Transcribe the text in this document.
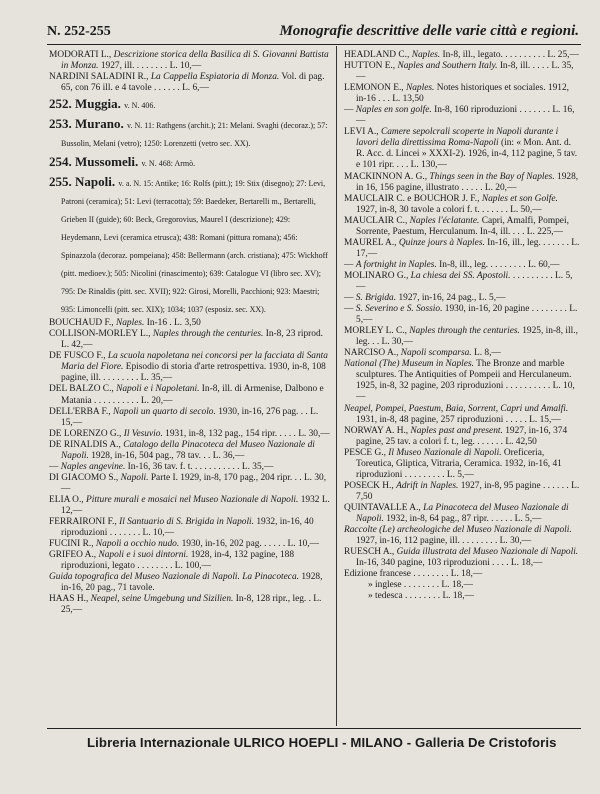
N. 252-255	Monografie descrittive delle varie città e regioni.

MODORATI L., Descrizione storica della Basilica di S. Giovanni Battista in Monza. 1927, ill. . . . . . . . L. 10,—

NARDINI SALADINI R., La Cappella Espiatoria di Monza. Vol. di pag. 65, con 76 ill. e 4 tavole . . . . . . L. 6,—

252. Muggia. v. N. 406.

253. Murano. v. N. 11: Rathgens (archit.); 21: Melani. Svaghi (decoraz.); 57: Bussolin, Melani (vetro); 1250: Lorenzetti (vetro sec. XX).

254. Mussomeli. v. N. 468: Armò.

255. Napoli. v. a. N. 15: Antike; 16: Rolfs (pitt.); 19: Stix (disegno); 27: Levi, Patroni (ceramica); 51: Levi (terracotta); 59: Baedeker, Bertarelli m., Bertarelli, Grieben II (guide); 60: Beck, Gregorovius, Maurel I (descrizione); 429: Heydemann, Levi (ceramica etrusca); 438: Romani (pittura romana); 456: Spinazzola (decoraz. pompeiana); 458: Bellermann (arch. cristiana); 475: Wickhoff (pitt. medioev.); 505: Nicolini (rinascimento); 639: Catalogue VI (libro sec. XV); 795: De Rinaldis (pitt. sec. XVII); 922: Girosi, Morelli, Pacchioni; 923: Maestri; 935: Limoncelli (pitt. sec. XIX); 1034; 1037 (esposiz. sec. XX).

BOUCHAUD F., Naples. In-16 . L. 3,50

COLLISON-MORLEY L., Naples through the centuries. In-8, 23 riprod. L. 42,—

DE FUSCO F., La scuola napoletana nei concorsi per la facciata di Santa Maria del Fiore. Episodio di storia d'arte retrospettiva. 1930, in-8, 108 pagine, ill. . . . . . . . . L. 35,—

DEL BALZO C., Napoli e i Napoletani. In-8, ill. di Armenise, Dalbono e Matania . . . . . . . . . . L. 20,—

DELL'ERBA F., Napoli un quarto di secolo. 1930, in-16, 276 pag. . . L. 15,—

DE LORENZO G., Il Vesuvio. 1931, in-8, 132 pag., 154 ripr. . . . . L. 30,—

DE RINALDIS A., Catalogo della Pinacoteca del Museo Nazionale di Napoli. 1928, in-16, 504 pag., 78 tav. . . L. 36,—

— Naples angevine. In-16, 36 tav. f. t. . . . . . . . . . . L. 35,—

DI GIACOMO S., Napoli. Parte I. 1929, in-8, 170 pag., 204 ripr. . . L. 30,—

ELIA O., Pitture murali e mosaici nel Museo Nazionale di Napoli. 1932 L. 12,—

FERRAIRONI F., Il Santuario di S. Brigida in Napoli. 1932, in-16, 40 riproduzioni . . . . . . . L. 10,—

FUCINI R., Napoli a occhio nudo. 1930, in-16, 202 pag. . . . . . L. 10,—

GRIFEO A., Napoli e i suoi dintorni. 1928, in-4, 132 pagine, 188 riproduzioni, legato . . . . . . . . L. 100,—

Guida topografica del Museo Nazionale di Napoli. La Pinacoteca. 1928, in-16, 20 pag., 71 tavole.

HAAS H., Neapel, seine Umgebung und Sizilien. In-8, 128 ripr., leg. . L. 25,—

HEADLAND C., Naples. In-8, ill., legato. . . . . . . . . . L. 25,—

HUTTON E., Naples and Southern Italy. In-8, ill. . . . . L. 35,—

LEMONON E., Naples. Notes historiques et sociales. 1912, in-16 . . . L. 13,50

— Naples en son golfe. In-8, 160 riproduzioni . . . . . . . L. 16,—

LEVI A., Camere sepolcrali scoperte in Napoli durante i lavori della direttissima Roma-Napoli (in: « Mon. Ant. d. R. Acc. d. Lincei » XXXI-2). 1926, in-4, 112 pagine, 5 tav. e 101 ripr. . . . L. 130,—

MACKINNON A. G., Things seen in the Bay of Naples. 1928, in 16, 156 pagine, illustrato . . . . . L. 20,—

MAUCLAIR C. e BOUCHOR J. F., Naples et son Golfe. 1927, in-8, 30 tavole a colori f. t. . . . . . . L. 50,—

MAUCLAIR C., Naples l'éclatante. Capri, Amalfi, Pompei, Sorrente, Paestum, Herculanum. In-4, ill. . . . L. 225,—

MAUREL A., Quinze jours à Naples. In-16, ill., leg. . . . . . . L. 17,—

— A fortnight in Naples. In-8, ill., leg. . . . . . . . . L. 60,—

MOLINARO G., La chiesa dei SS. Apostoli. . . . . . . . . . L. 5,—

— S. Brigida. 1927, in-16, 24 pag., L. 5,—

— S. Severino e S. Sossio. 1930, in-16, 20 pagine . . . . . . . . L. 5,—

MORLEY L. C., Naples through the centuries. 1925, in-8, ill., leg. . . L. 30,—

NARCISO A., Napoli scomparsa. L. 8,—

National (The) Museum in Naples. The Bronze and marble sculptures. The Antiquities of Pompeii and Herculaneum. 1925, in-8, 32 pagine, 203 riproduzioni . . . . . . . . . . L. 10,—

Neapel, Pompei, Paestum, Baia, Sorrent, Capri und Amalfi. 1931, in-8, 48 pagine, 257 riproduzioni . . . . . L. 15,—

NORWAY A. H., Naples past and present. 1927, in-16, 374 pagine, 25 tav. a colori f. t., leg. . . . . . . L. 42,50

PESCE G., Il Museo Nazionale di Napoli. Oreficeria, Toreutica, Gliptica, Vitraria, Ceramica. 1932, in-16, 41 riproduzioni . . . . . . . . . L. 5,—

POSECK H., Adrift in Naples. 1927, in-8, 95 pagine . . . . . . L. 7,50

QUINTAVALLE A., La Pinacoteca del Museo Nazionale di Napoli. 1932, in-8, 64 pag., 87 ripr. . . . . . L. 5,—

Raccolte (Le) archeologiche del Museo Nazionale di Napoli. 1927, in-16, 112 pagine, ill. . . . . . . . . L. 30,—

RUESCH A., Guida illustrata del Museo Nazionale di Napoli. In-16, 340 pagine, 103 riproduzioni . . . . L. 18,—

Edizione francese . . . . . . . . L. 18,—

» inglese . . . . . . . . L. 18,—

» tedesca . . . . . . . . L. 18,—

Libreria Internazionale ULRICO HOEPLI - MILANO - Galleria De Cristoforis
